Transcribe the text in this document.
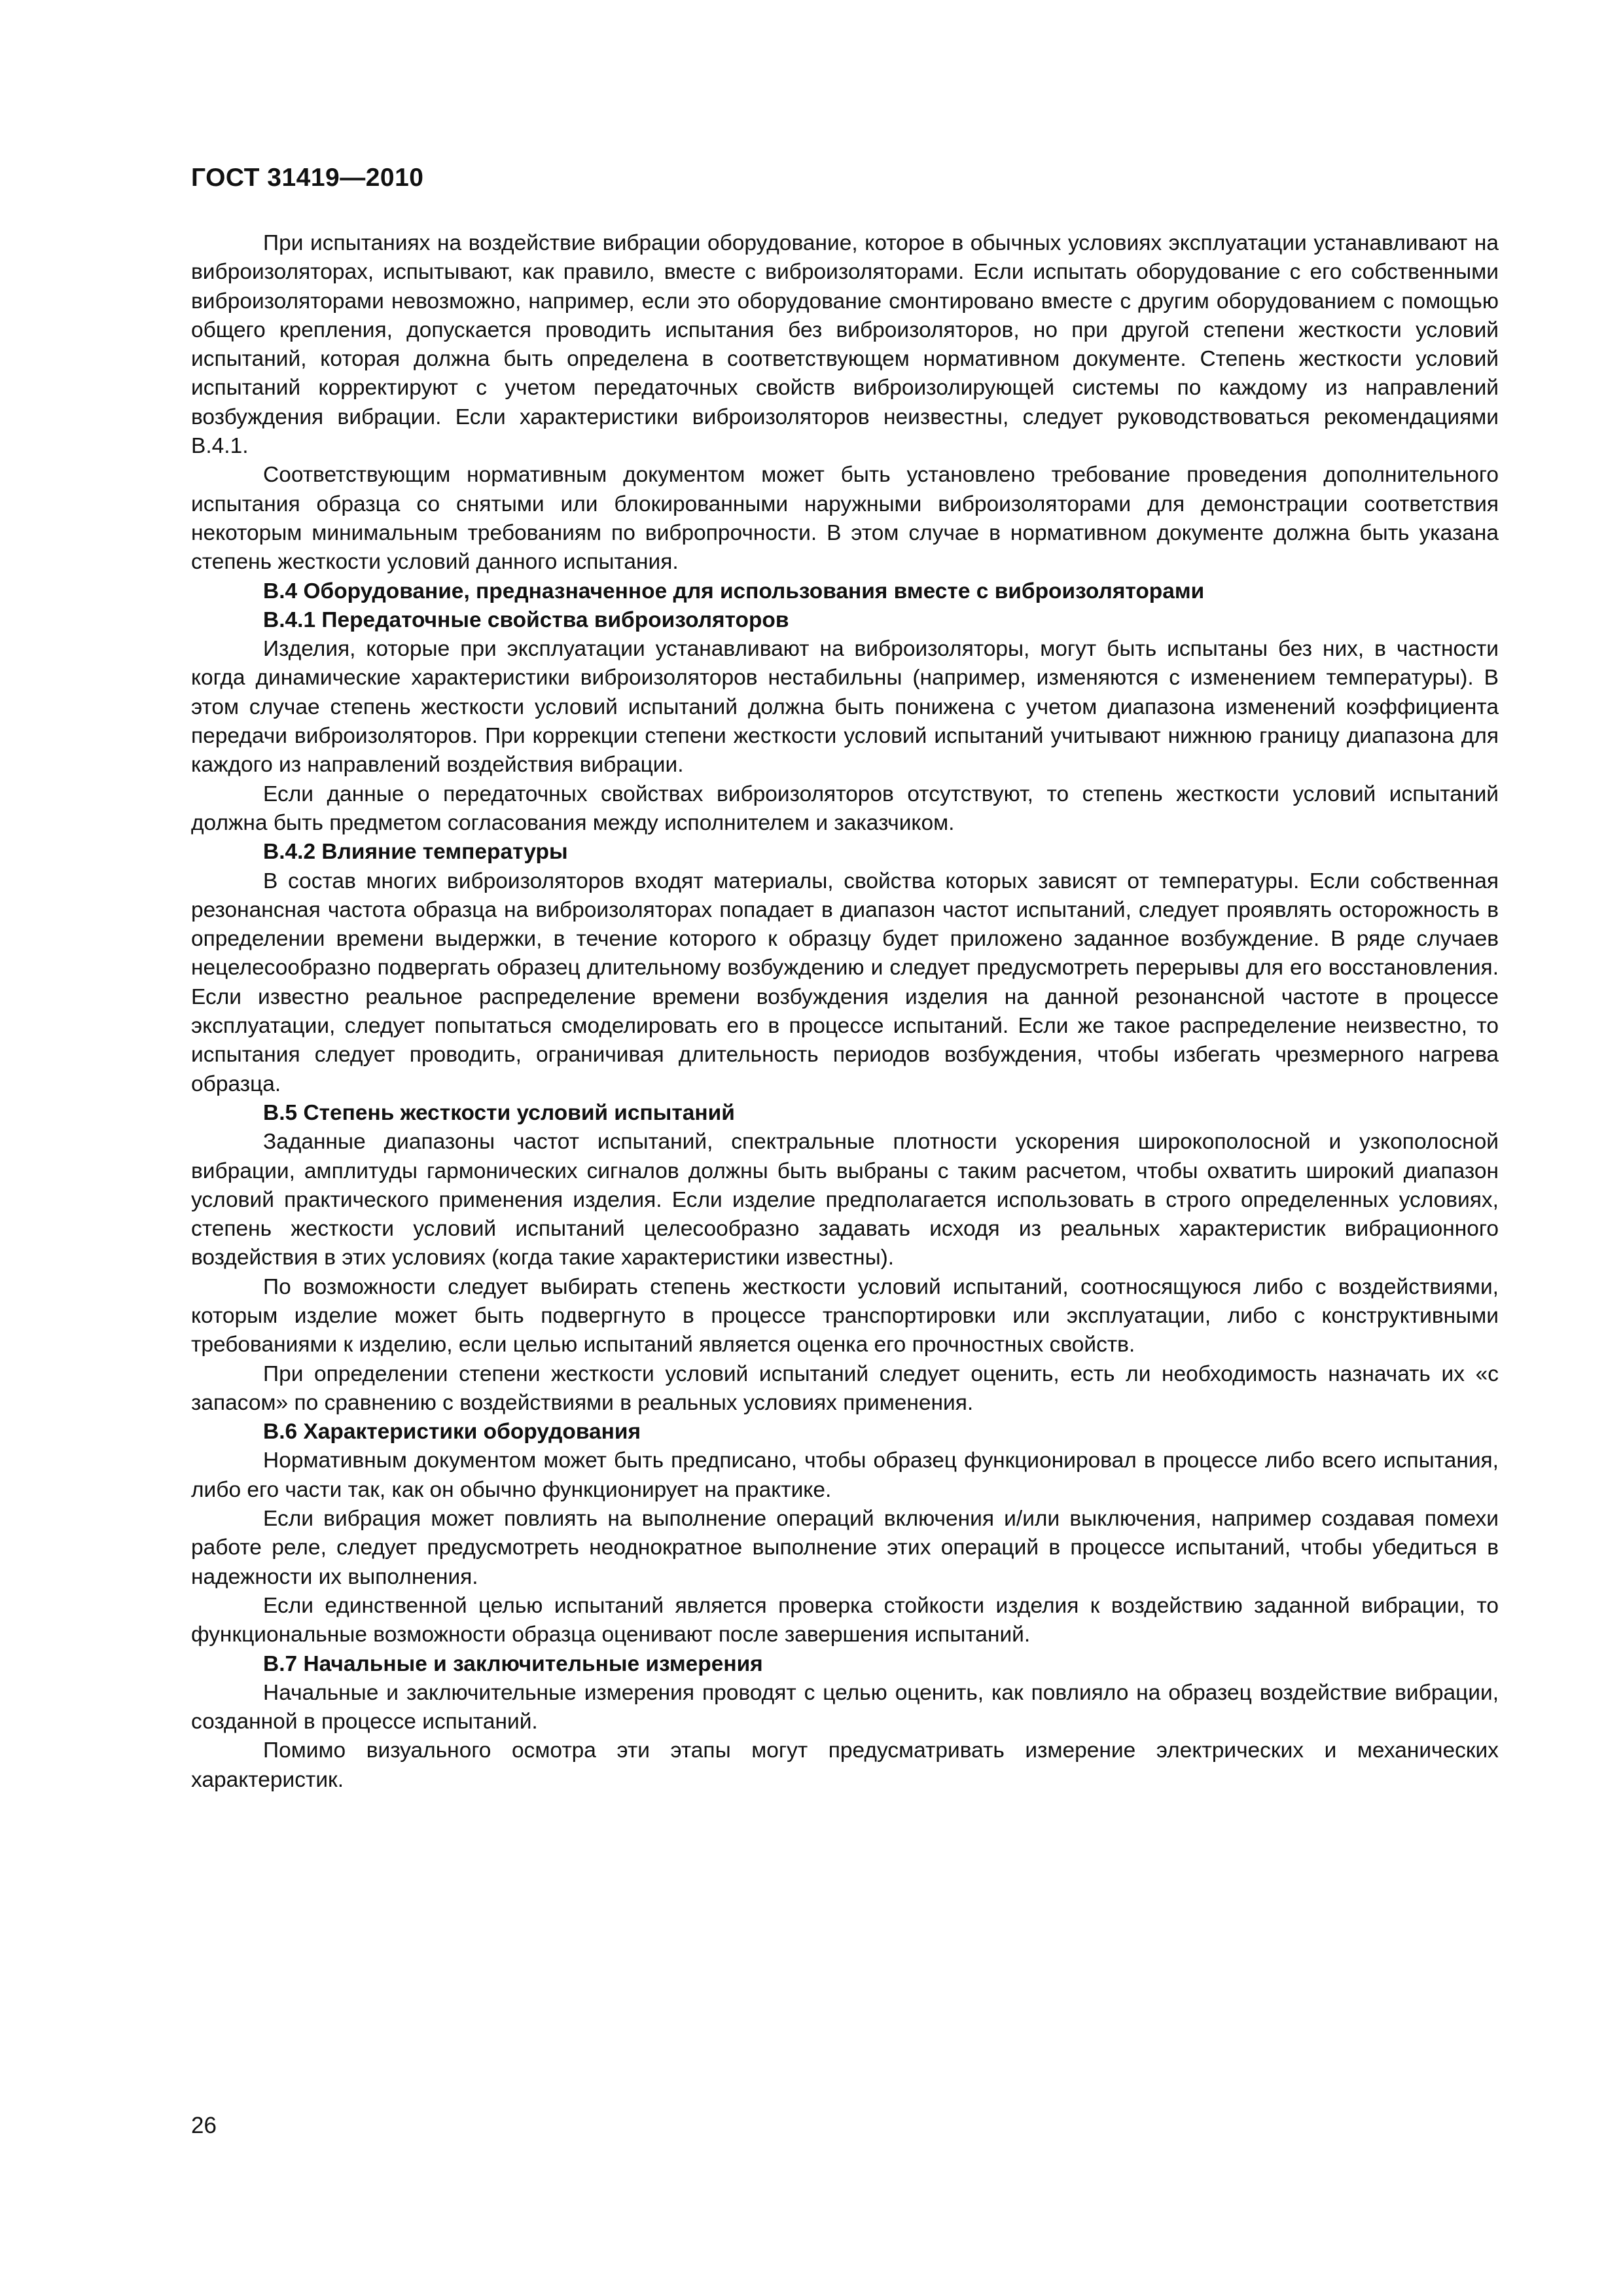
ГОСТ 31419—2010

При испытаниях на воздействие вибрации оборудование, которое в обычных условиях эксплуатации устанавливают на виброизоляторах, испытывают, как правило, вместе с виброизоляторами. Если испытать оборудование с его собственными виброизоляторами невозможно, например, если это оборудование смонтировано вместе с другим оборудованием с помощью общего крепления, допускается проводить испытания без виброизоляторов, но при другой степени жесткости условий испытаний, которая должна быть определена в соответствующем нормативном документе. Степень жесткости условий испытаний корректируют с учетом передаточных свойств виброизолирующей системы по каждому из направлений возбуждения вибрации. Если характеристики виброизоляторов неизвестны, следует руководствоваться рекомендациями В.4.1.

Соответствующим нормативным документом может быть установлено требование проведения дополнительного испытания образца со снятыми или блокированными наружными виброизоляторами для демонстрации соответствия некоторым минимальным требованиям по вибропрочности. В этом случае в нормативном документе должна быть указана степень жесткости условий данного испытания.

В.4 Оборудование, предназначенное для использования вместе с виброизоляторами
В.4.1 Передаточные свойства виброизоляторов

Изделия, которые при эксплуатации устанавливают на виброизоляторы, могут быть испытаны без них, в частности когда динамические характеристики виброизоляторов нестабильны (например, изменяются с изменением температуры). В этом случае степень жесткости условий испытаний должна быть понижена с учетом диапазона изменений коэффициента передачи виброизоляторов. При коррекции степени жесткости условий испытаний учитывают нижнюю границу диапазона для каждого из направлений воздействия вибрации.

Если данные о передаточных свойствах виброизоляторов отсутствуют, то степень жесткости условий испытаний должна быть предметом согласования между исполнителем и заказчиком.

В.4.2 Влияние температуры

В состав многих виброизоляторов входят материалы, свойства которых зависят от температуры. Если собственная резонансная частота образца на виброизоляторах попадает в диапазон частот испытаний, следует проявлять осторожность в определении времени выдержки, в течение которого к образцу будет приложено заданное возбуждение. В ряде случаев нецелесообразно подвергать образец длительному возбуждению и следует предусмотреть перерывы для его восстановления. Если известно реальное распределение времени возбуждения изделия на данной резонансной частоте в процессе эксплуатации, следует попытаться смоделировать его в процессе испытаний. Если же такое распределение неизвестно, то испытания следует проводить, ограничивая длительность периодов возбуждения, чтобы избегать чрезмерного нагрева образца.

В.5 Степень жесткости условий испытаний

Заданные диапазоны частот испытаний, спектральные плотности ускорения широкополосной и узкополосной вибрации, амплитуды гармонических сигналов должны быть выбраны с таким расчетом, чтобы охватить широкий диапазон условий практического применения изделия. Если изделие предполагается использовать в строго определенных условиях, степень жесткости условий испытаний целесообразно задавать исходя из реальных характеристик вибрационного воздействия в этих условиях (когда такие характеристики известны).

По возможности следует выбирать степень жесткости условий испытаний, соотносящуюся либо с воздействиями, которым изделие может быть подвергнуто в процессе транспортировки или эксплуатации, либо с конструктивными требованиями к изделию, если целью испытаний является оценка его прочностных свойств.

При определении степени жесткости условий испытаний следует оценить, есть ли необходимость назначать их «с запасом» по сравнению с воздействиями в реальных условиях применения.

В.6 Характеристики оборудования

Нормативным документом может быть предписано, чтобы образец функционировал в процессе либо всего испытания, либо его части так, как он обычно функционирует на практике.

Если вибрация может повлиять на выполнение операций включения и/или выключения, например создавая помехи работе реле, следует предусмотреть неоднократное выполнение этих операций в процессе испытаний, чтобы убедиться в надежности их выполнения.

Если единственной целью испытаний является проверка стойкости изделия к воздействию заданной вибрации, то функциональные возможности образца оценивают после завершения испытаний.

В.7 Начальные и заключительные измерения

Начальные и заключительные измерения проводят с целью оценить, как повлияло на образец воздействие вибрации, созданной в процессе испытаний.

Помимо визуального осмотра эти этапы могут предусматривать измерение электрических и механических характеристик.

26
